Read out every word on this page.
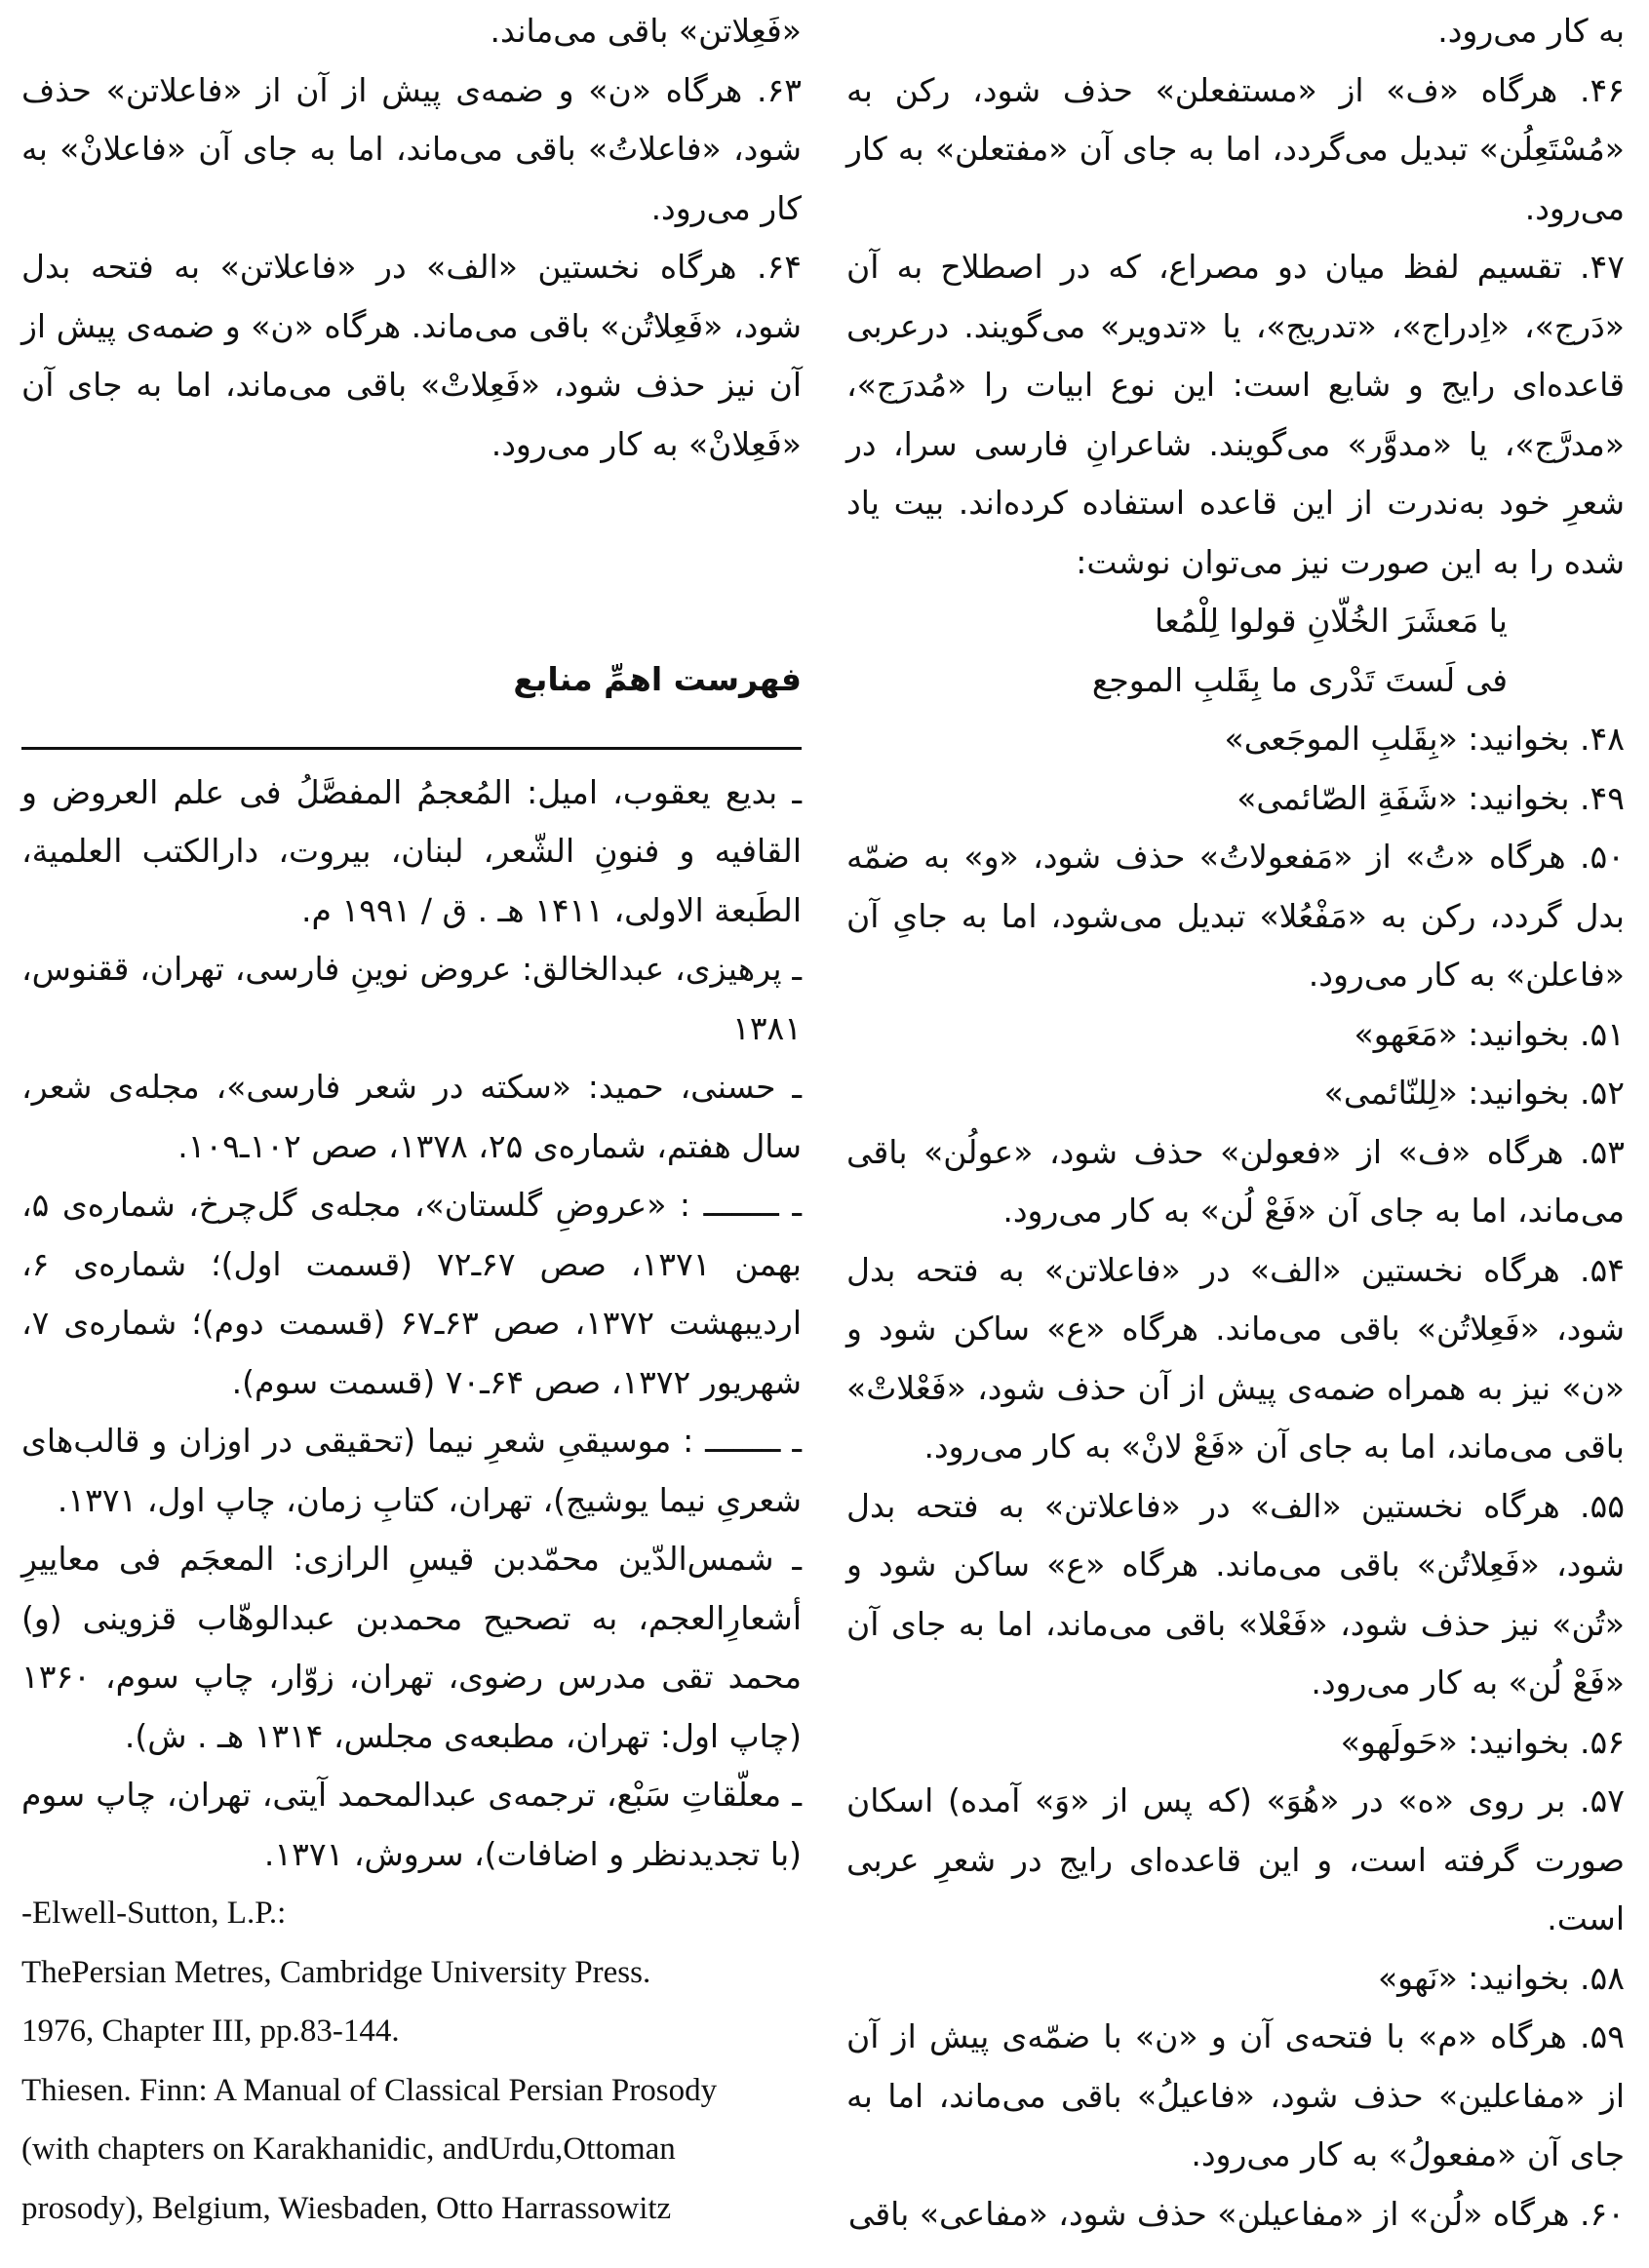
به کار می‌رود.

۴۶. هرگاه «ف» از «مستفعلن» حذف شود، رکن به «مُسْتَعِلُن» تبدیل می‌گردد، اما به جای آن «مفتعلن» به کار می‌رود.

۴۷. تقسیم لفظ میان دو مصراع، که در اصطلاح به آن «دَرج»، «اِدراج»، «تدریج»، یا «تدویر» می‌گویند. درعربی قاعده‌ای رایج و شایع است: این نوع ابیات را «مُدرَج»، «مدرَّج»، یا «مدوَّر» می‌گویند. شاعرانِ فارسی سرا، در شعرِ خود به‌ندرت از این قاعده استفاده کرده‌اند. بیت یاد شده را به این صورت نیز می‌توان نوشت:

یا مَعشَرَ الخُلّانِ قولوا لِلْمُعا

فی لَستَ تَدْری ما بِقَلبِ الموجع

۴۸. بخوانید: «بِقَلبِ الموجَعی»

۴۹. بخوانید: «شَفَةِ الصّائمی»

۵۰. هرگاه «تُ» از «مَفعولاتُ» حذف شود، «و» به ضمّه بدل گردد، رکن به «مَفْعُلا» تبدیل می‌شود، اما به جایِ آن «فاعلن» به کار می‌رود.

۵۱. بخوانید: «مَعَهو»

۵۲. بخوانید: «لِلنّائمی»

۵۳. هرگاه «ف» از «فعولن» حذف شود، «عولُن» باقی می‌ماند، اما به جای آن «فَعْ لُن» به کار می‌رود.

۵۴. هرگاه نخستین «الف» در «فاعلاتن» به فتحه بدل شود، «فَعِلاتُن» باقی می‌ماند. هرگاه «ع» ساکن شود و «ن» نیز به همراه ضمه‌ی پیش از آن حذف شود، «فَعْلاتْ» باقی می‌ماند، اما به جای آن «فَعْ لانْ» به کار می‌رود.

۵۵. هرگاه نخستین «الف» در «فاعلاتن» به فتحه بدل شود، «فَعِلاتُن» باقی می‌ماند. هرگاه «ع» ساکن شود و «تُن» نیز حذف شود، «فَعْلا» باقی می‌ماند، اما به جای آن «فَعْ لُن» به کار می‌رود.

۵۶. بخوانید: «حَولَهو»

۵۷. بر روی «ه» در «هُوَ» (که پس از «وَ» آمده) اسکان صورت گرفته است، و این قاعده‌ای رایج در شعرِ عربی است.

۵۸. بخوانید: «نَهو»

۵۹. هرگاه «م» با فتحه‌ی آن و «ن» با ضمّه‌ی پیش از آن از «مفاعلین» حذف شود، «فاعیلُ» باقی می‌ماند، اما به جای آن «مفعولُ» به کار می‌رود.

۶۰. هرگاه «لُن» از «مفاعیلن» حذف شود، «مفاعی» باقی

«فَعِلاتن» باقی می‌ماند.

۶۳. هرگاه «ن» و ضمه‌ی پیش از آن از «فاعلاتن» حذف شود، «فاعلاتُ» باقی می‌ماند، اما به جای آن «فاعلانْ» به کار می‌رود.

۶۴. هرگاه نخستین «الف» در «فاعلاتن» به فتحه بدل شود، «فَعِلاتُن» باقی می‌ماند. هرگاه «ن» و ضمه‌ی پیش از آن نیز حذف شود، «فَعِلاتْ» باقی می‌ماند، اما به جای آن «فَعِلانْ» به کار می‌رود.

فهرست اهمِّ منابع

ـ بدیع یعقوب، امیل: المُعجمُ المفصَّلُ فی علم العروض و القافیه و فنونِ الشّعر، لبنان، بیروت، دارالکتب العلمیة، الطَبعة الاولی، ۱۴۱۱ هـ . ق / ۱۹۹۱ م.

ـ پرهیزی، عبدالخالق: عروض نوینِ فارسی، تهران، ققنوس، ۱۳۸۱

ـ حسنی، حمید: «سکته در شعر فارسی»، مجله‌ی شعر، سال هفتم، شماره‌ی ۲۵، ۱۳۷۸، صص ۱۰۲ـ۱۰۹.

ـ ــــــــ : «عروضِ گلستان»، مجله‌ی گل‌چرخ، شماره‌ی ۵، بهمن ۱۳۷۱، صص ۶۷ـ۷۲ (قسمت اول)؛ شماره‌ی ۶، اردیبهشت ۱۳۷۲، صص ۶۳ـ۶۷ (قسمت دوم)؛ شماره‌ی ۷، شهریور ۱۳۷۲، صص ۶۴ـ۷۰ (قسمت سوم).

ـ ــــــــ : موسیقیِ شعرِ نیما (تحقیقی در اوزان و قالب‌های شعریِ نیما یوشیج)، تهران، کتابِ زمان، چاپ اول، ۱۳۷۱.

ـ شمس‌الدّین محمّدبن قیسِ الرازی: المعجَم فی معاییرِ أشعارِالعجم، به تصحیح محمدبن عبدالوهّاب قزوینی (و) محمد تقی مدرس رضوی، تهران، زوّار، چاپ سوم، ۱۳۶۰ (چاپ اول: تهران، مطبعه‌ی مجلس، ۱۳۱۴ هـ . ش).

ـ معلّقاتِ سَبْع، ترجمه‌ی عبدالمحمد آیتی، تهران، چاپ سوم (با تجدیدنظر و اضافات)، سروش، ۱۳۷۱.

-Elwell-Sutton, L.P.:

ThePersian Metres, Cambridge University Press.

1976, Chapter III, pp.83-144.

Thiesen. Finn: A Manual of Classical Persian Prosody

(with chapters on Karakhanidic, andUrdu,Ottoman

prosody), Belgium, Wiesbaden, Otto Harrassowitz
